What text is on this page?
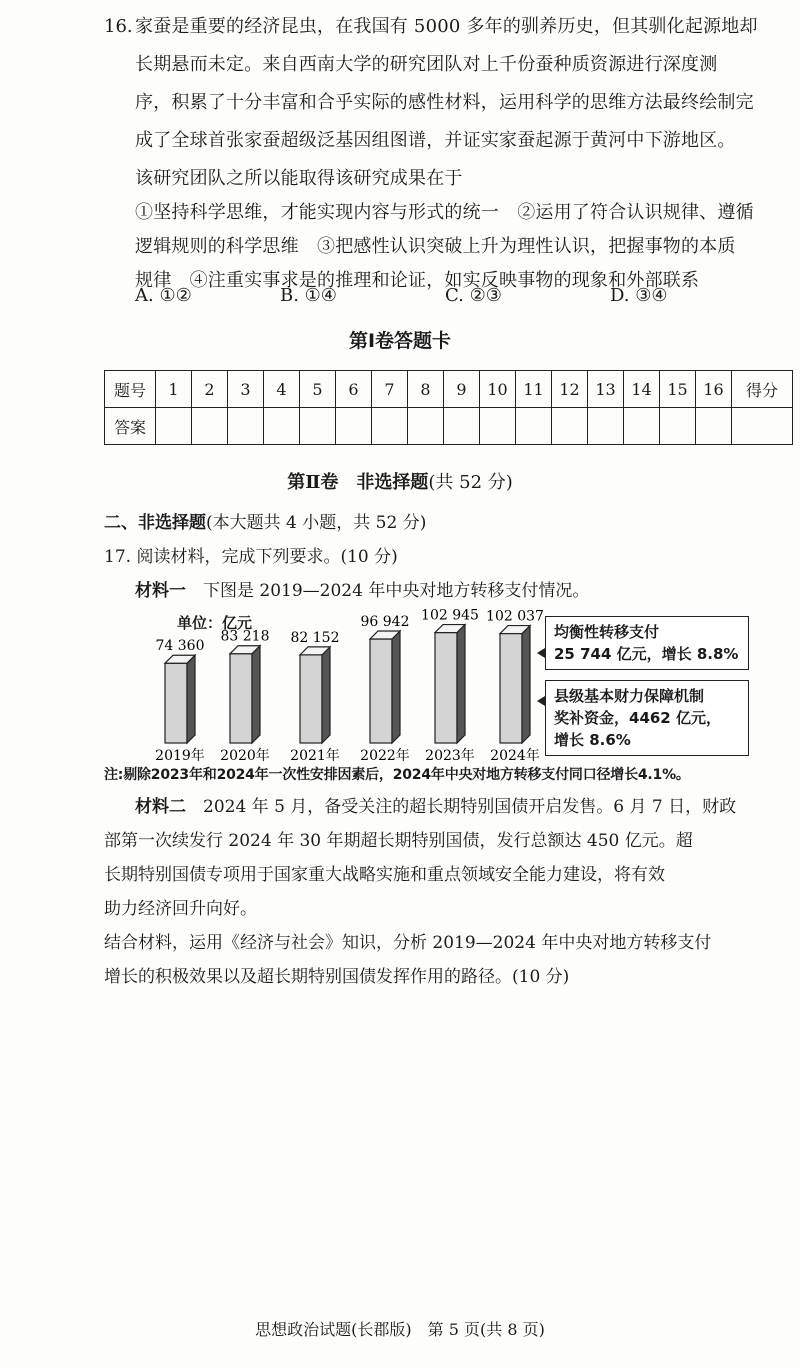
16. 家蚕是重要的经济昆虫，在我国有 5000 多年的驯养历史，但其驯化起源地却
长期悬而未定。来自西南大学的研究团队对上千份蚕种质资源进行深度测
序，积累了十分丰富和合乎实际的感性材料，运用科学的思维方法最终绘制完
成了全球首张家蚕超级泛基因组图谱，并证实家蚕起源于黄河中下游地区。
该研究团队之所以能取得该研究成果在于
①坚持科学思维，才能实现内容与形式的统一　②运用了符合认识规律、遵循
逻辑规则的科学思维　③把感性认识突破上升为理性认识，把握事物的本质
规律　④注重实事求是的推理和论证，如实反映事物的现象和外部联系
A. ①②	B. ①④	C. ②③	D. ③④
第Ⅰ卷答题卡
题号	1	2	3	4	5	6	7	8	9	10	11	12	13	14	15	16	得分
答案																	
第Ⅱ卷　非选择题(共 52 分)
二、非选择题(本大题共 4 小题，共 52 分)
17. 阅读材料，完成下列要求。(10 分)
材料一　下图是 2019—2024 年中央对地方转移支付情况。
单位：亿元
74 360
2019年
83 218
2020年
82 152
2021年
96 942
2022年
102 945
2023年
102 037
2024年
均衡性转移支付
25 744 亿元，增长 8.8%
县级基本财力保障机制
奖补资金，4462 亿元，
增长 8.6%
注:剔除2023年和2024年一次性安排因素后，2024年中央对地方转移支付同口径增长4.1%。
材料二　 2024 年 5 月，备受关注的超长期特别国债开启发售。6 月 7 日，财政
部第一次续发行 2024 年 30 年期超长期特别国债，发行总额达 450 亿元。超
长期特别国债专项用于国家重大战略实施和重点领域安全能力建设，将有效
助力经济回升向好。
结合材料，运用《经济与社会》知识，分析 2019—2024 年中央对地方转移支付
增长的积极效果以及超长期特别国债发挥作用的路径。(10 分)
思想政治试题(长郡版)　第 5 页(共 8 页)
